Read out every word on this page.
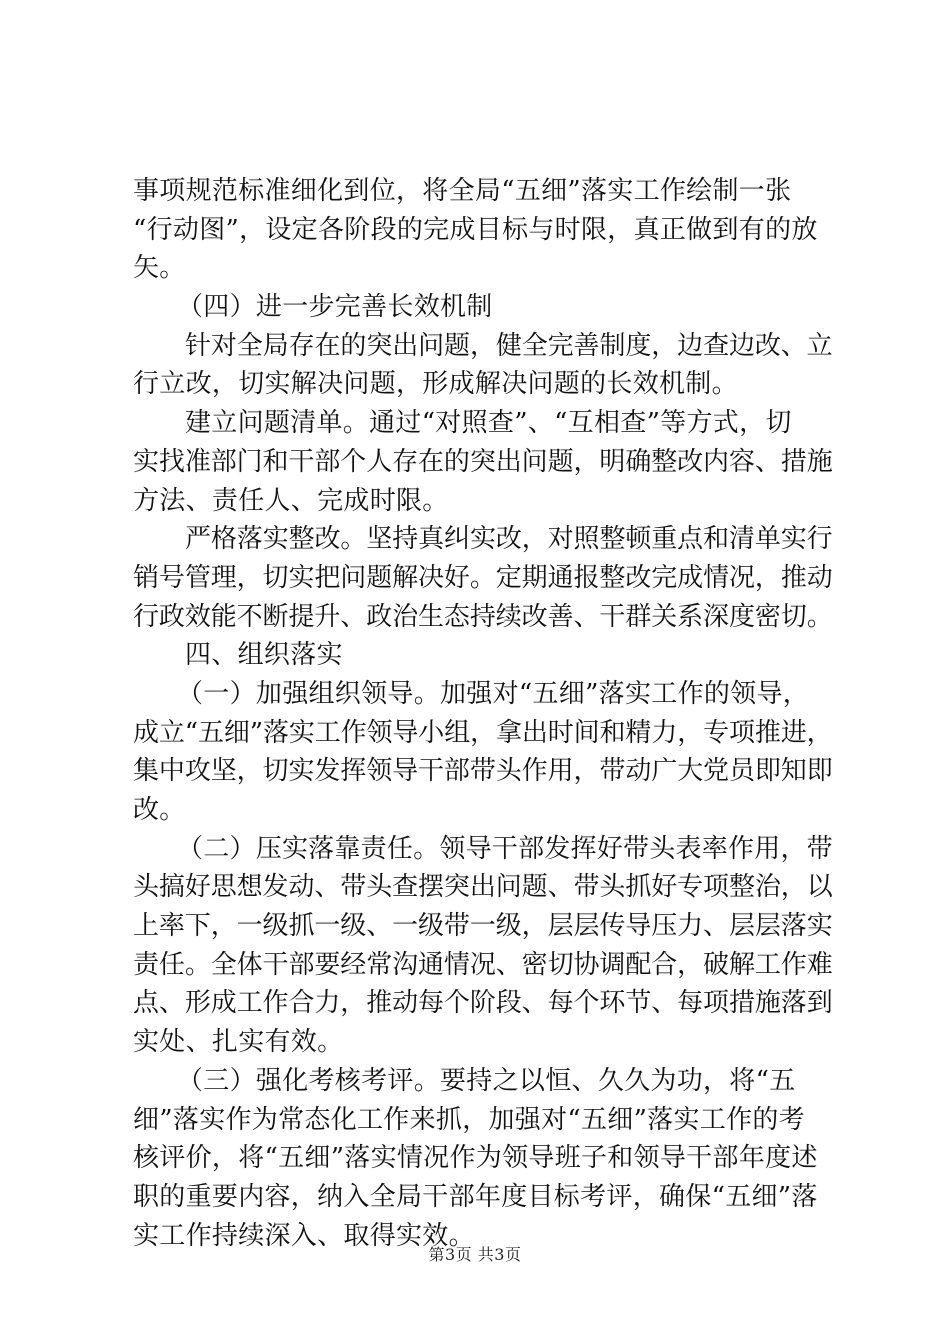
事项规范标准细化到位，将全局“五细”落实工作绘制一张
“行动图”，设定各阶段的完成目标与时限，真正做到有的放
矢。
（四）进一步完善长效机制
针对全局存在的突出问题，健全完善制度，边查边改、立
行立改，切实解决问题，形成解决问题的长效机制。
建立问题清单。通过“对照查”、“互相查”等方式，切
实找准部门和干部个人存在的突出问题，明确整改内容、措施
方法、责任人、完成时限。
严格落实整改。坚持真纠实改，对照整顿重点和清单实行
销号管理，切实把问题解决好。定期通报整改完成情况，推动
行政效能不断提升、政治生态持续改善、干群关系深度密切。
四、组织落实
（一）加强组织领导。加强对“五细”落实工作的领导，
成立“五细”落实工作领导小组，拿出时间和精力，专项推进，
集中攻坚，切实发挥领导干部带头作用，带动广大党员即知即
改。
（二）压实落靠责任。领导干部发挥好带头表率作用，带
头搞好思想发动、带头查摆突出问题、带头抓好专项整治，以
上率下，一级抓一级、一级带一级，层层传导压力、层层落实
责任。全体干部要经常沟通情况、密切协调配合，破解工作难
点、形成工作合力，推动每个阶段、每个环节、每项措施落到
实处、扎实有效。
（三）强化考核考评。要持之以恒、久久为功，将“五
细”落实作为常态化工作来抓，加强对“五细”落实工作的考
核评价，将“五细”落实情况作为领导班子和领导干部年度述
职的重要内容，纳入全局干部年度目标考评，确保“五细”落
实工作持续深入、取得实效。
第3页 共3页
